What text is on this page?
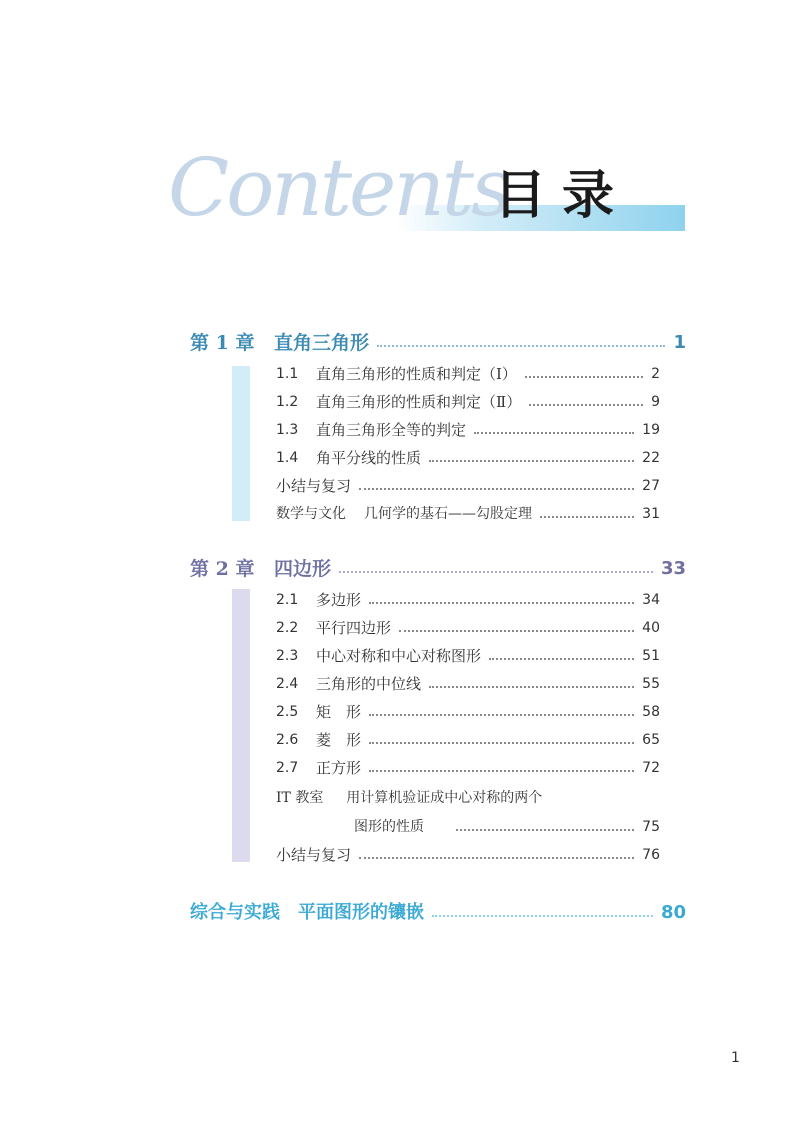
Contents
目录
第 1 章	直角三角形	1
1.1	直角三角形的性质和判定（Ⅰ）	2
1.2	直角三角形的性质和判定（Ⅱ）	9
1.3	直角三角形全等的判定	19
1.4	角平分线的性质	22
小结与复习	27
数学与文化 几何学的基石——勾股定理	31
第 2 章	四边形	33
2.1	多边形	34
2.2	平行四边形	40
2.3	中心对称和中心对称图形	51
2.4	三角形的中位线	55
2.5	矩　形	58
2.6	菱　形	65
2.7	正方形	72
IT 教室 用计算机验证成中心对称的两个
图形的性质	75
小结与复习	76
综合与实践 平面图形的镶嵌	80
1
